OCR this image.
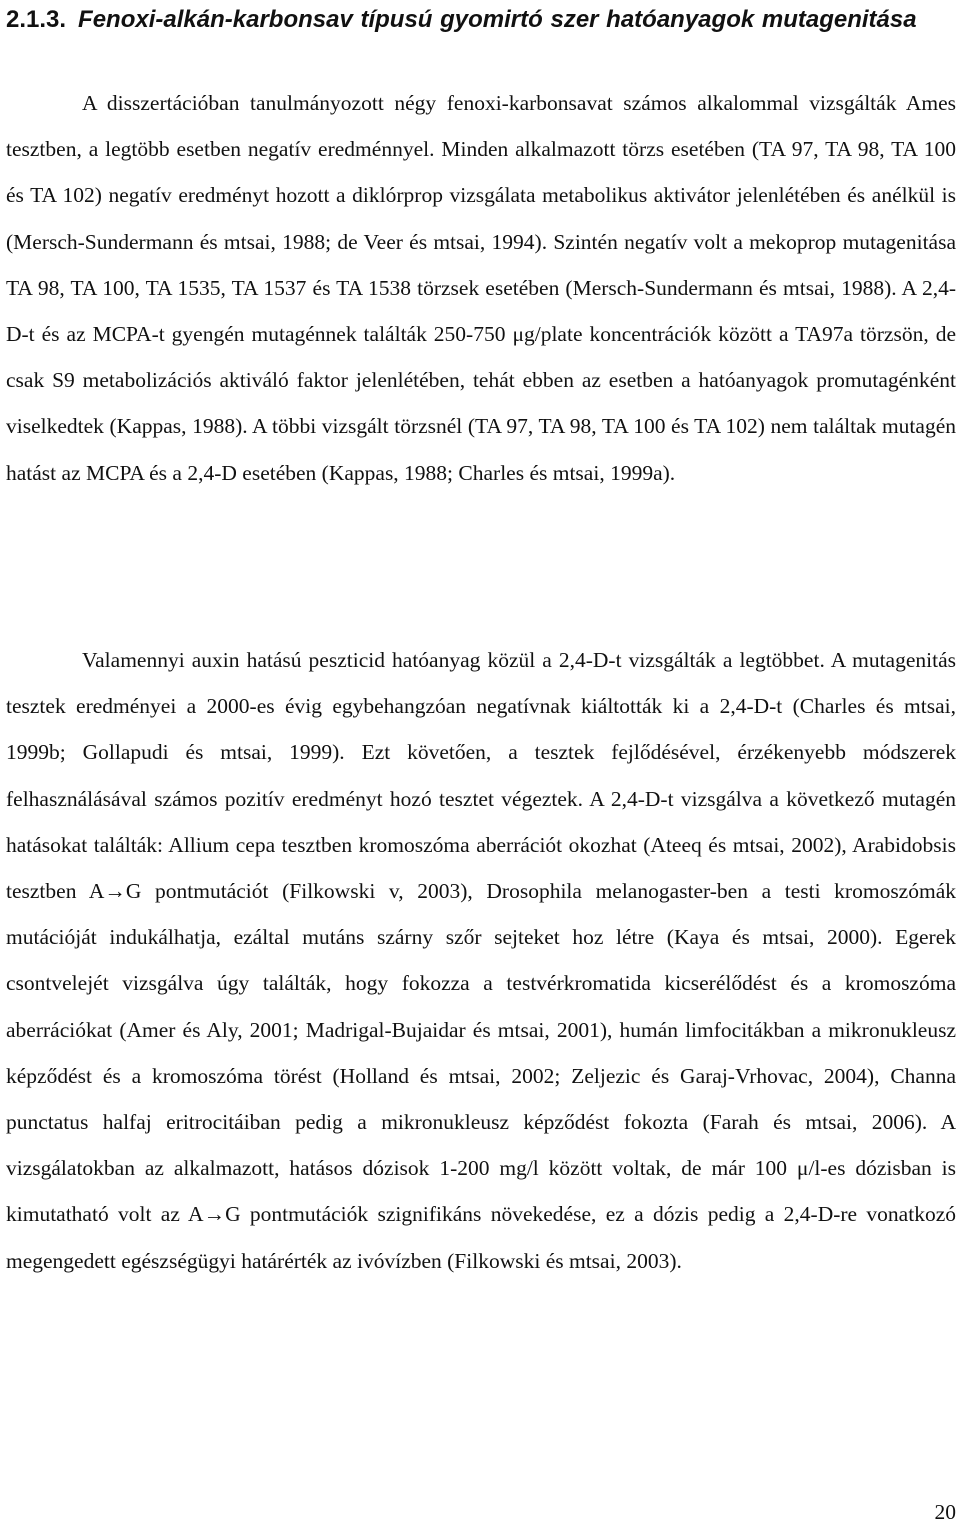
2.1.3. Fenoxi-alkán-karbonsav típusú gyomirtó szer hatóanyagok mutagenitása

A disszertációban tanulmányozott négy fenoxi-karbonsavat számos alkalommal vizsgálták Ames tesztben, a legtöbb esetben negatív eredménnyel. Minden alkalmazott törzs esetében (TA 97, TA 98, TA 100 és TA 102) negatív eredményt hozott a diklórprop vizsgálata metabolikus aktivátor jelenlétében és anélkül is (Mersch-Sundermann és mtsai, 1988; de Veer és mtsai, 1994). Szintén negatív volt a mekoprop mutagenitása TA 98, TA 100, TA 1535, TA 1537 és TA 1538 törzsek esetében (Mersch-Sundermann és mtsai, 1988). A 2,4-D-t és az MCPA-t gyengén mutagénnek találták 250-750 μg/plate koncentrációk között a TA97a törzsön, de csak S9 metabolizációs aktiváló faktor jelenlétében, tehát ebben az esetben a hatóanyagok promutagénként viselkedtek (Kappas, 1988). A többi vizsgált törzsnél (TA 97, TA 98, TA 100 és TA 102) nem találtak mutagén hatást az MCPA és a 2,4-D esetében (Kappas, 1988; Charles és mtsai, 1999a).

Valamennyi auxin hatású peszticid hatóanyag közül a 2,4-D-t vizsgálták a legtöbbet. A mutagenitás tesztek eredményei a 2000-es évig egybehangzóan negatívnak kiáltották ki a 2,4-D-t (Charles és mtsai, 1999b; Gollapudi és mtsai, 1999). Ezt követően, a tesztek fejlődésével, érzékenyebb módszerek felhasználásával számos pozitív eredményt hozó tesztet végeztek. A 2,4-D-t vizsgálva a következő mutagén hatásokat találták: Allium cepa tesztben kromoszóma aberrációt okozhat (Ateeq és mtsai, 2002), Arabidobsis tesztben A→G pontmutációt (Filkowski v, 2003), Drosophila melanogaster-ben a testi kromoszómák mutációját indukálhatja, ezáltal mutáns szárny szőr sejteket hoz létre (Kaya és mtsai, 2000). Egerek csontvelejét vizsgálva úgy találták, hogy fokozza a testvérkromatida kicserélődést és a kromoszóma aberrációkat (Amer és Aly, 2001; Madrigal-Bujaidar és mtsai, 2001), humán limfocitákban a mikronukleusz képződést és a kromoszóma törést (Holland és mtsai, 2002; Zeljezic és Garaj-Vrhovac, 2004), Channa punctatus halfaj eritrocitáiban pedig a mikronukleusz képződést fokozta (Farah és mtsai, 2006). A vizsgálatokban az alkalmazott, hatásos dózisok 1-200 mg/l között voltak, de már 100 μ/l-es dózisban is kimutatható volt az A→G pontmutációk szignifikáns növekedése, ez a dózis pedig a 2,4-D-re vonatkozó megengedett egészségügyi határérték az ivóvízben (Filkowski és mtsai, 2003).

20
